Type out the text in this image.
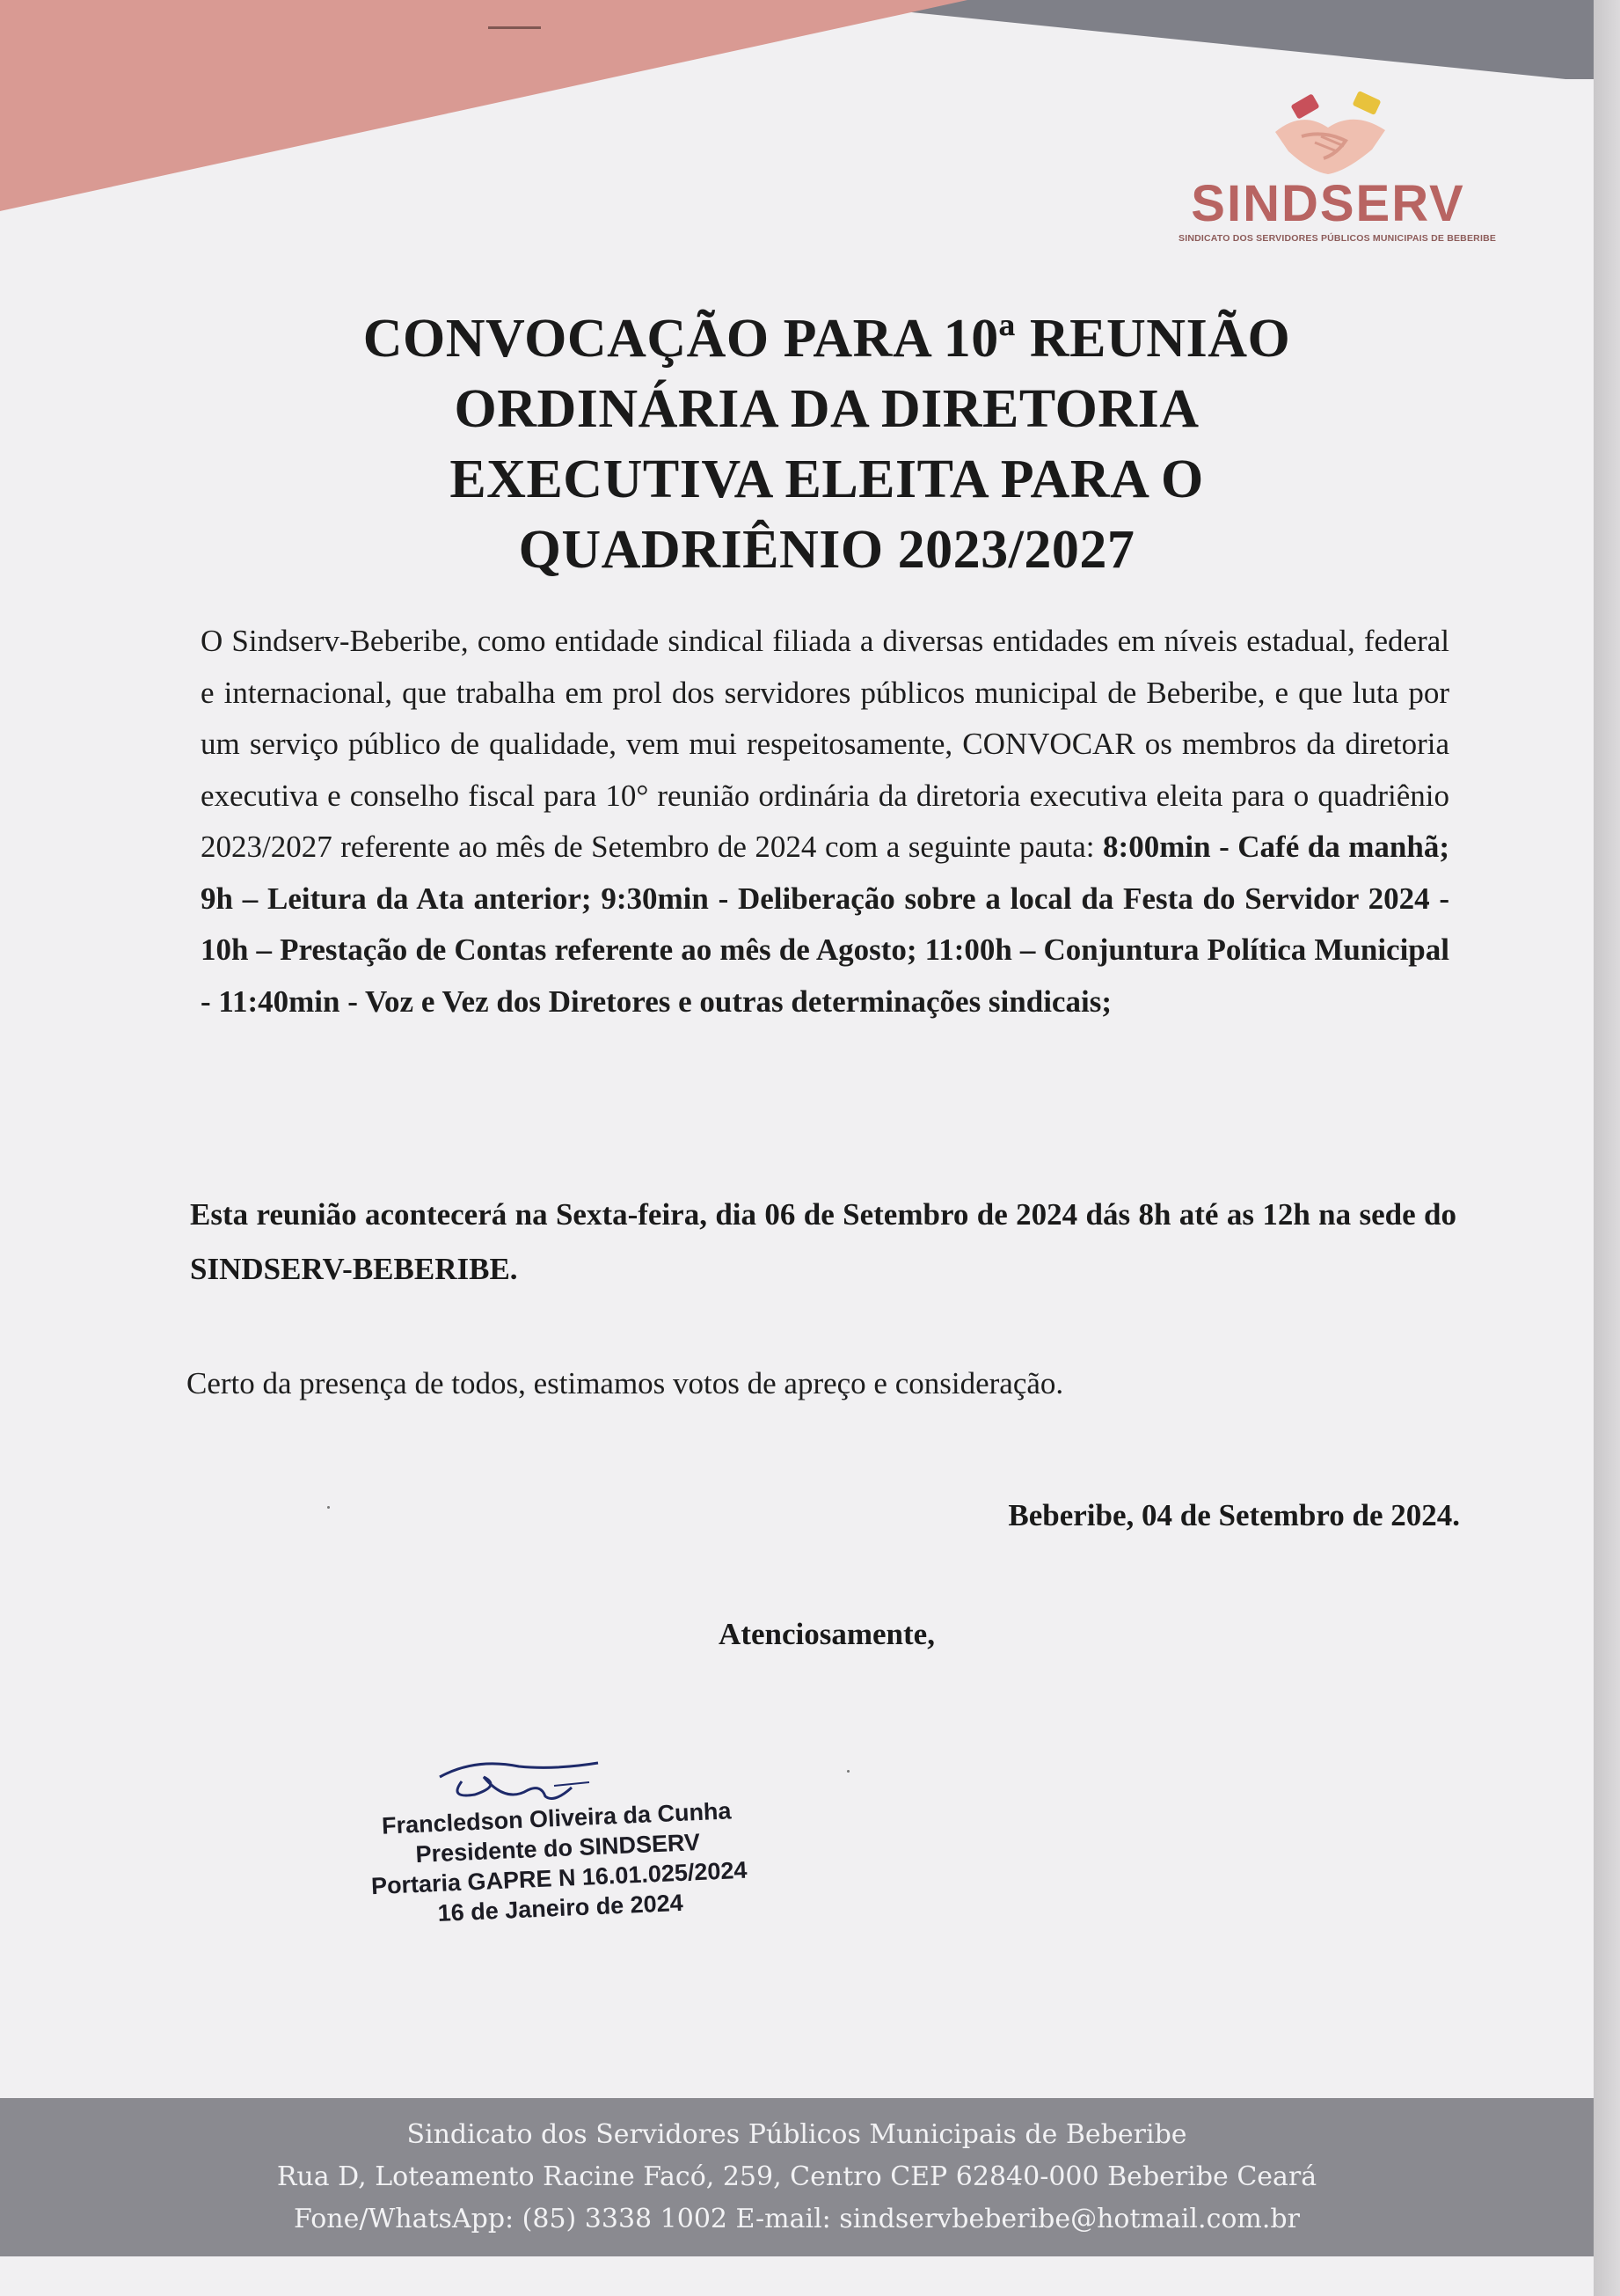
SINDSERV
SINDICATO DOS SERVIDORES PÚBLICOS MUNICIPAIS DE BEBERIBE
CONVOCAÇÃO PARA 10ª REUNIÃO
ORDINÁRIA DA DIRETORIA
EXECUTIVA ELEITA PARA O
QUADRIÊNIO 2023/2027
O Sindserv-Beberibe, como entidade sindical filiada a diversas entidades em níveis estadual, federal e internacional, que trabalha em prol dos servidores públicos municipal de Beberibe, e que luta por um serviço público de qualidade, vem mui respeitosamente, CONVOCAR os membros da diretoria executiva e conselho fiscal para 10° reunião ordinária da diretoria executiva eleita para o quadriênio 2023/2027 referente ao mês de Setembro de 2024 com a seguinte pauta: 8:00min - Café da manhã; 9h – Leitura da Ata anterior; 9:30min - Deliberação sobre a local da Festa do Servidor 2024 - 10h – Prestação de Contas referente ao mês de Agosto; 11:00h – Conjuntura Política Municipal - 11:40min - Voz e Vez dos Diretores e outras determinações sindicais;
Esta reunião acontecerá na Sexta-feira, dia 06 de Setembro de 2024 dás 8h até as 12h na sede do SINDSERV-BEBERIBE.
Certo da presença de todos, estimamos votos de apreço e consideração.
Beberibe, 04 de Setembro de 2024.
Atenciosamente,
Francledson Oliveira da Cunha
Presidente do SINDSERV
Portaria GAPRE N 16.01.025/2024
16 de Janeiro de 2024
Sindicato dos Servidores Públicos Municipais de Beberibe
Rua D, Loteamento Racine Facó, 259, Centro CEP 62840-000 Beberibe Ceará
Fone/WhatsApp: (85) 3338 1002 E-mail: sindservbeberibe@hotmail.com.br
